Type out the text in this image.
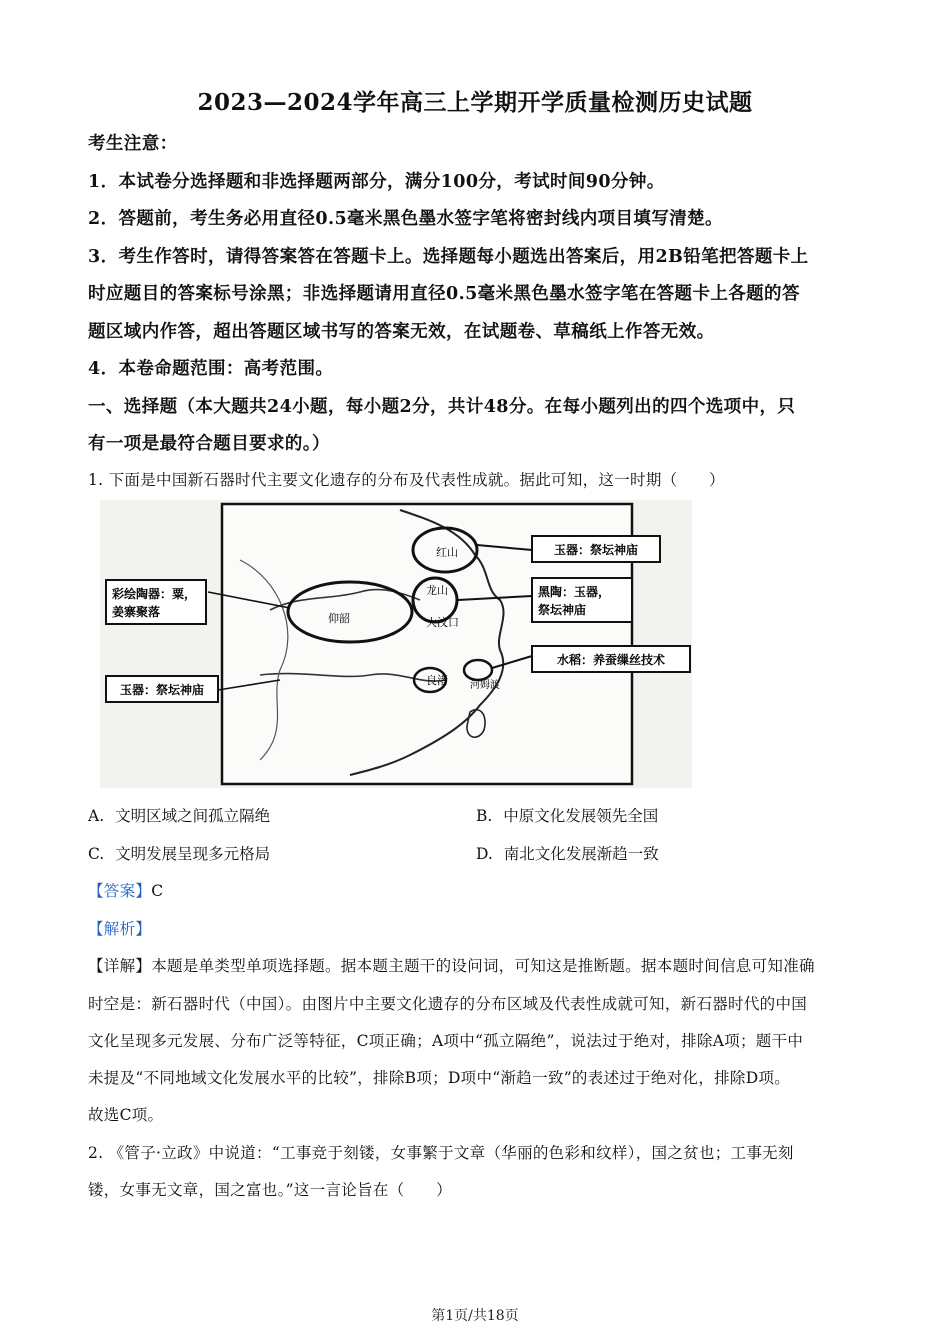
2023—2024学年高三上学期开学质量检测历史试题
考生注意：
1．本试卷分选择题和非选择题两部分，满分100分，考试时间90分钟。
2．答题前，考生务必用直径0.5毫米黑色墨水签字笔将密封线内项目填写清楚。
3．考生作答时，请得答案答在答题卡上。选择题每小题选出答案后，用2B铅笔把答题卡上
时应题目的答案标号涂黑；非选择题请用直径0.5毫米黑色墨水签字笔在答题卡上各题的答
题区域内作答，超出答题区域书写的答案无效，在试题卷、草稿纸上作答无效。
4．本卷命题范围：高考范围。
一、选择题（本大题共24小题，每小题2分，共计48分。在每小题列出的四个选项中，只
有一项是最符合题目要求的。）
1. 下面是中国新石器时代主要文化遗存的分布及代表性成就。据此可知，这一时期（　　）
玉器：祭坛神庙
彩绘陶器：粟，
姜寨聚落
黑陶：玉器，
祭坛神庙
水稻：养蚕缫丝技术
玉器：祭坛神庙
红山
龙山
大汶口
仰韶
良渚 河姆渡
A. 文明区域之间孤立隔绝	B. 中原文化发展领先全国
C. 文明发展呈现多元格局	D. 南北文化发展渐趋一致
【答案】C
【解析】
【详解】本题是单类型单项选择题。据本题主题干的设问词，可知这是推断题。据本题时间信息可知准确
时空是：新石器时代（中国）。由图片中主要文化遗存的分布区域及代表性成就可知，新石器时代的中国
文化呈现多元发展、分布广泛等特征，C项正确；A项中“孤立隔绝”，说法过于绝对，排除A项；题干中
未提及“不同地域文化发展水平的比较”，排除B项；D项中“渐趋一致”的表述过于绝对化，排除D项。
故选C项。
2. 《管子·立政》中说道：“工事竞于刻镂，女事繁于文章（华丽的色彩和纹样），国之贫也；工事无刻
镂，女事无文章，国之富也。”这一言论旨在（　　）
第1页/共18页
